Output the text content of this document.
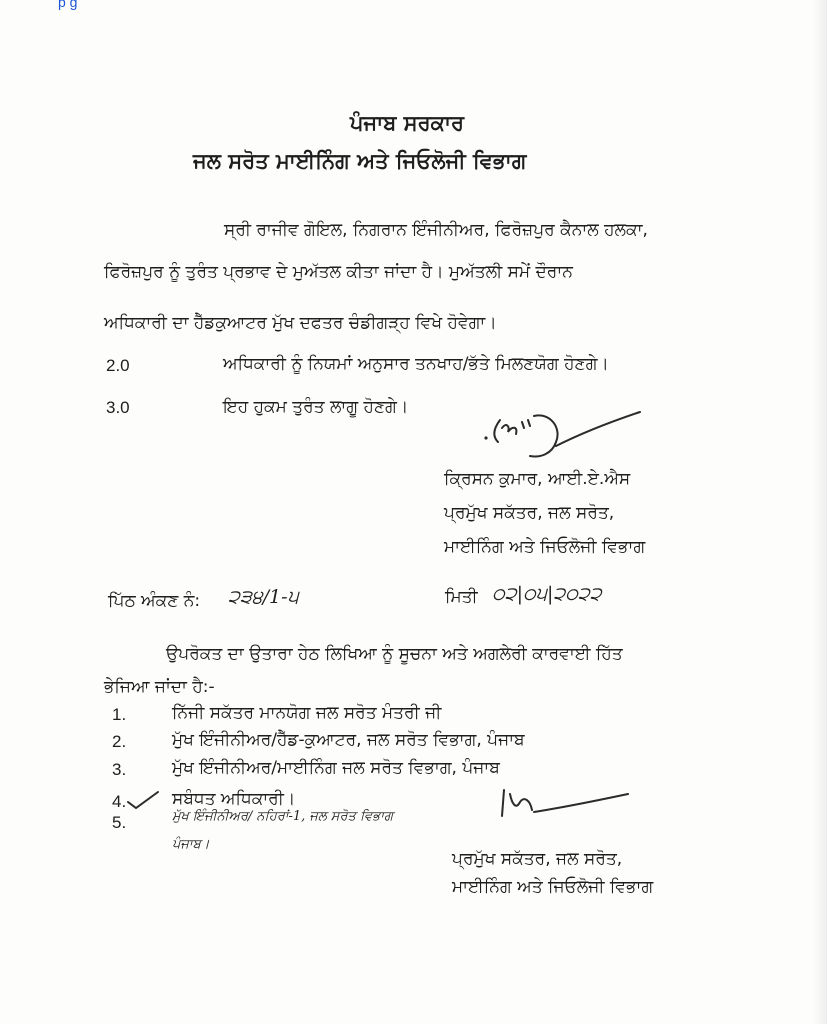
p g
ਪੰਜਾਬ ਸਰਕਾਰ
ਜਲ ਸਰੋਤ ਮਾਈਨਿੰਗ ਅਤੇ ਜਿਓਲੋਜੀ ਵਿਭਾਗ
ਸ੍ਰੀ ਰਾਜੀਵ ਗੋਇਲ, ਨਿਗਰਾਨ ਇੰਜੀਨੀਅਰ, ਫਿਰੋਜ਼ਪੁਰ ਕੈਨਾਲ ਹਲਕਾ,
ਫਿਰੋਜ਼ਪੁਰ ਨੂੰ ਤੁਰੰਤ ਪ੍ਰਭਾਵ ਦੇ ਮੁਅੱਤਲ ਕੀਤਾ ਜਾਂਦਾ ਹੈ। ਮੁਅੱਤਲੀ ਸਮੇਂ ਦੌਰਾਨ
ਅਧਿਕਾਰੀ ਦਾ ਹੈੱਡਕੁਆਟਰ ਮੁੱਖ ਦਫਤਰ ਚੰਡੀਗੜ੍ਹ ਵਿਖੇ ਹੋਵੇਗਾ।
2.0	ਅਧਿਕਾਰੀ ਨੂੰ ਨਿਯਮਾਂ ਅਨੁਸਾਰ ਤਨਖਾਹ/ਭੱਤੇ ਮਿਲਣਯੋਗ ਹੋਣਗੇ।
3.0	ਇਹ ਹੁਕਮ ਤੁਰੰਤ ਲਾਗੂ ਹੋਣਗੇ।
ਕ੍ਰਿਸਨ ਕੁਮਾਰ, ਆਈ.ਏ.ਐਸ
ਪ੍ਰਮੁੱਖ ਸਕੱਤਰ, ਜਲ ਸਰੋਤ,
ਮਾਈਨਿੰਗ ਅਤੇ ਜਿਓਲੋਜੀ ਵਿਭਾਗ
ਪਿੱਠ ਅੰਕਣ ਨੰ: ੨੩੪/1-੫	ਮਿਤੀ ੦੨|੦੫|੨੦੨੨
ਉਪਰੋਕਤ ਦਾ ਉਤਾਰਾ ਹੇਠ ਲਿਖਿਆ ਨੂੰ ਸੂਚਨਾ ਅਤੇ ਅਗਲੇਰੀ ਕਾਰਵਾਈ ਹਿੱਤ
ਭੇਜਿਆ ਜਾਂਦਾ ਹੈ:-
1.	ਨਿੱਜੀ ਸਕੱਤਰ ਮਾਨਯੋਗ ਜਲ ਸਰੋਤ ਮੰਤਰੀ ਜੀ
2.	ਮੁੱਖ ਇੰਜੀਨੀਅਰ/ਹੈੱਡ-ਕੁਆਟਰ, ਜਲ ਸਰੋਤ ਵਿਭਾਗ, ਪੰਜਾਬ
3.	ਮੁੱਖ ਇੰਜੀਨੀਅਰ/ਮਾਈਨਿੰਗ ਜਲ ਸਰੋਤ ਵਿਭਾਗ, ਪੰਜਾਬ
4.	ਸਬੰਧਤ ਅਧਿਕਾਰੀ।
5.	ਮੁੱਖ ਇੰਜੀਨੀਅਰ/ ਨਹਿਰਾਂ-1, ਜਲ ਸਰੋਤ ਵਿਭਾਗ
ਪੰਜਾਬ।
ਪ੍ਰਮੁੱਖ ਸਕੱਤਰ, ਜਲ ਸਰੋਤ,
ਮਾਈਨਿੰਗ ਅਤੇ ਜਿਓਲੋਜੀ ਵਿਭਾਗ
